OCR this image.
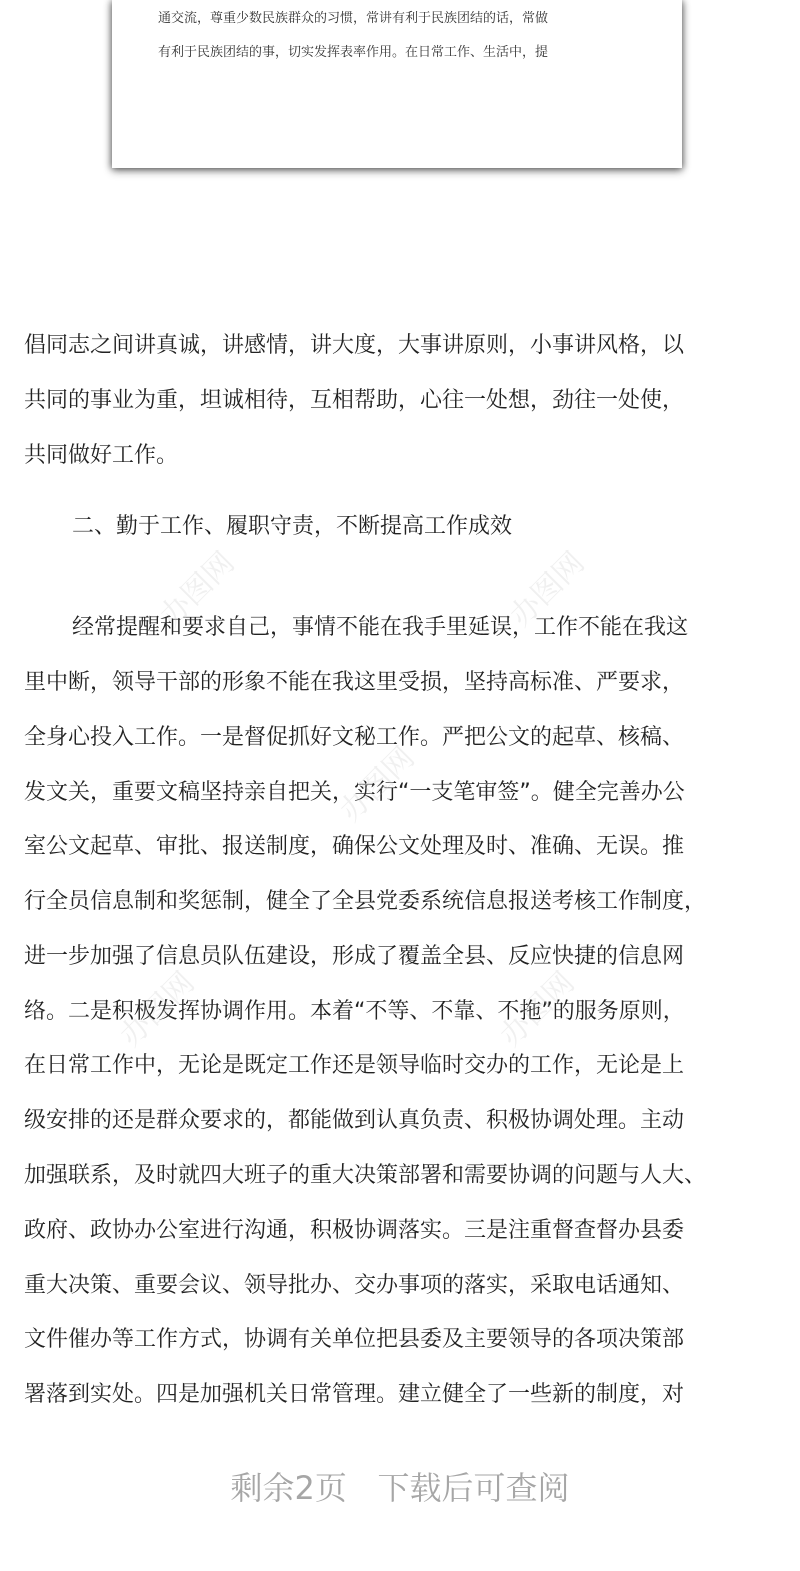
通交流，尊重少数民族群众的习惯，常讲有利于民族团结的话，常做
有利于民族团结的事，切实发挥表率作用。在日常工作、生活中，提
倡同志之间讲真诚，讲感情，讲大度，大事讲原则，小事讲风格，以
共同的事业为重，坦诚相待，互相帮助，心往一处想，劲往一处使，
共同做好工作。
二、勤于工作、履职守责，不断提高工作成效
经常提醒和要求自己，事情不能在我手里延误，工作不能在我这
里中断，领导干部的形象不能在我这里受损，坚持高标准、严要求，
全身心投入工作。一是督促抓好文秘工作。严把公文的起草、核稿、
发文关，重要文稿坚持亲自把关，实行“一支笔审签”。健全完善办公
室公文起草、审批、报送制度，确保公文处理及时、准确、无误。推
行全员信息制和奖惩制，健全了全县党委系统信息报送考核工作制度，
进一步加强了信息员队伍建设，形成了覆盖全县、反应快捷的信息网
络。二是积极发挥协调作用。本着“不等、不靠、不拖”的服务原则，
在日常工作中，无论是既定工作还是领导临时交办的工作，无论是上
级安排的还是群众要求的，都能做到认真负责、积极协调处理。主动
加强联系，及时就四大班子的重大决策部署和需要协调的问题与人大、
政府、政协办公室进行沟通，积极协调落实。三是注重督查督办县委
重大决策、重要会议、领导批办、交办事项的落实，采取电话通知、
文件催办等工作方式，协调有关单位把县委及主要领导的各项决策部
署落到实处。四是加强机关日常管理。建立健全了一些新的制度，对
办图网	办图网
办图网
办图网	办图网
剩余2页 下载后可查阅
